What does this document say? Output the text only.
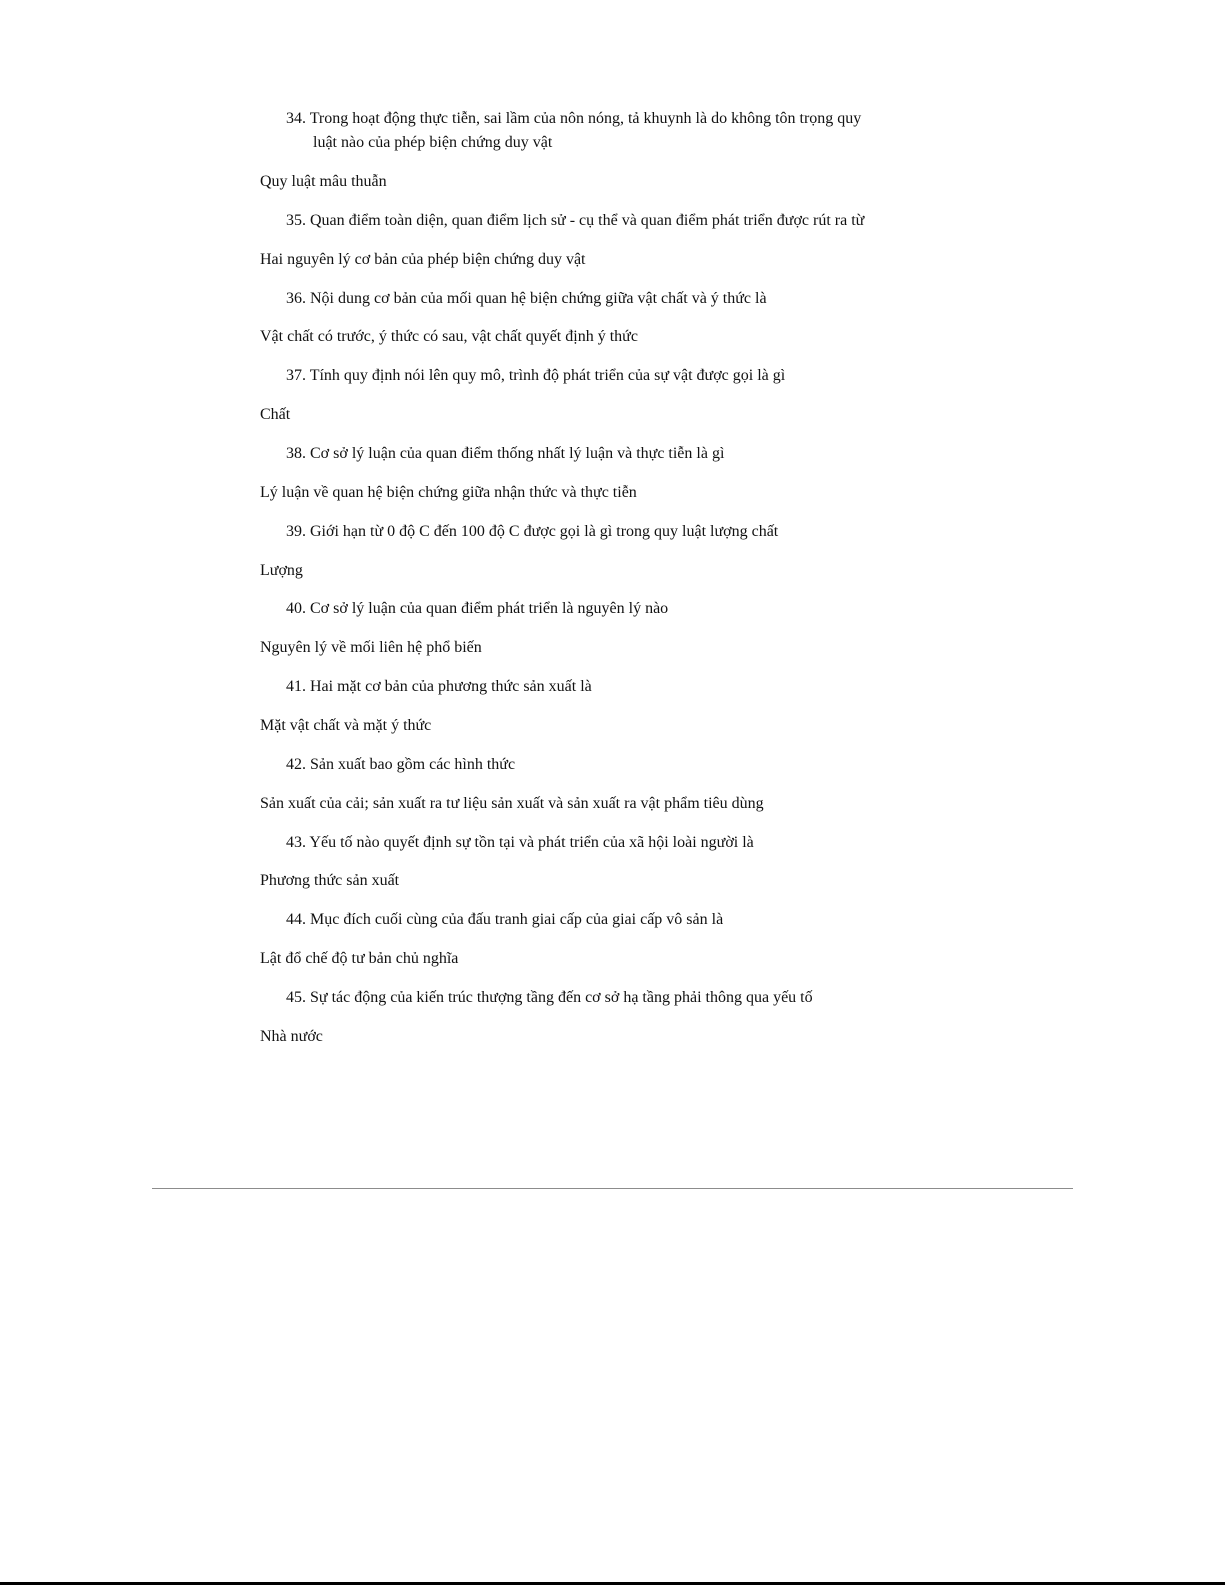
34. Trong hoạt động thực tiễn, sai lầm của nôn nóng, tả khuynh là do không tôn trọng quy
luật nào của phép biện chứng duy vật
Quy luật mâu thuẫn
35. Quan điểm toàn diện, quan điểm lịch sử - cụ thể và quan điểm phát triển được rút ra từ
Hai nguyên lý cơ bản của phép biện chứng duy vật
36. Nội dung cơ bản của mối quan hệ biện chứng giữa vật chất và ý thức là
Vật chất có trước, ý thức có sau, vật chất quyết định ý thức
37. Tính quy định nói lên quy mô, trình độ phát triển của sự vật được gọi là gì
Chất
38. Cơ sở lý luận của quan điểm thống nhất lý luận và thực tiễn là gì
Lý luận về quan hệ biện chứng giữa nhận thức và thực tiễn
39. Giới hạn từ 0 độ C đến 100 độ C được gọi là gì trong quy luật lượng chất
Lượng
40. Cơ sở lý luận của quan điểm phát triển là nguyên lý nào
Nguyên lý về mối liên hệ phổ biến
41. Hai mặt cơ bản của phương thức sản xuất là
Mặt vật chất và mặt ý thức
42. Sản xuất bao gồm các hình thức
Sản xuất của cải; sản xuất ra tư liệu sản xuất và sản xuất ra vật phẩm tiêu dùng
43. Yếu tố nào quyết định sự tồn tại và phát triển của xã hội loài người là
Phương thức sản xuất
44. Mục đích cuối cùng của đấu tranh giai cấp của giai cấp vô sản là
Lật đổ chế độ tư bản chủ nghĩa
45. Sự tác động của kiến trúc thượng tầng đến cơ sở hạ tầng phải thông qua yếu tố
Nhà nước
